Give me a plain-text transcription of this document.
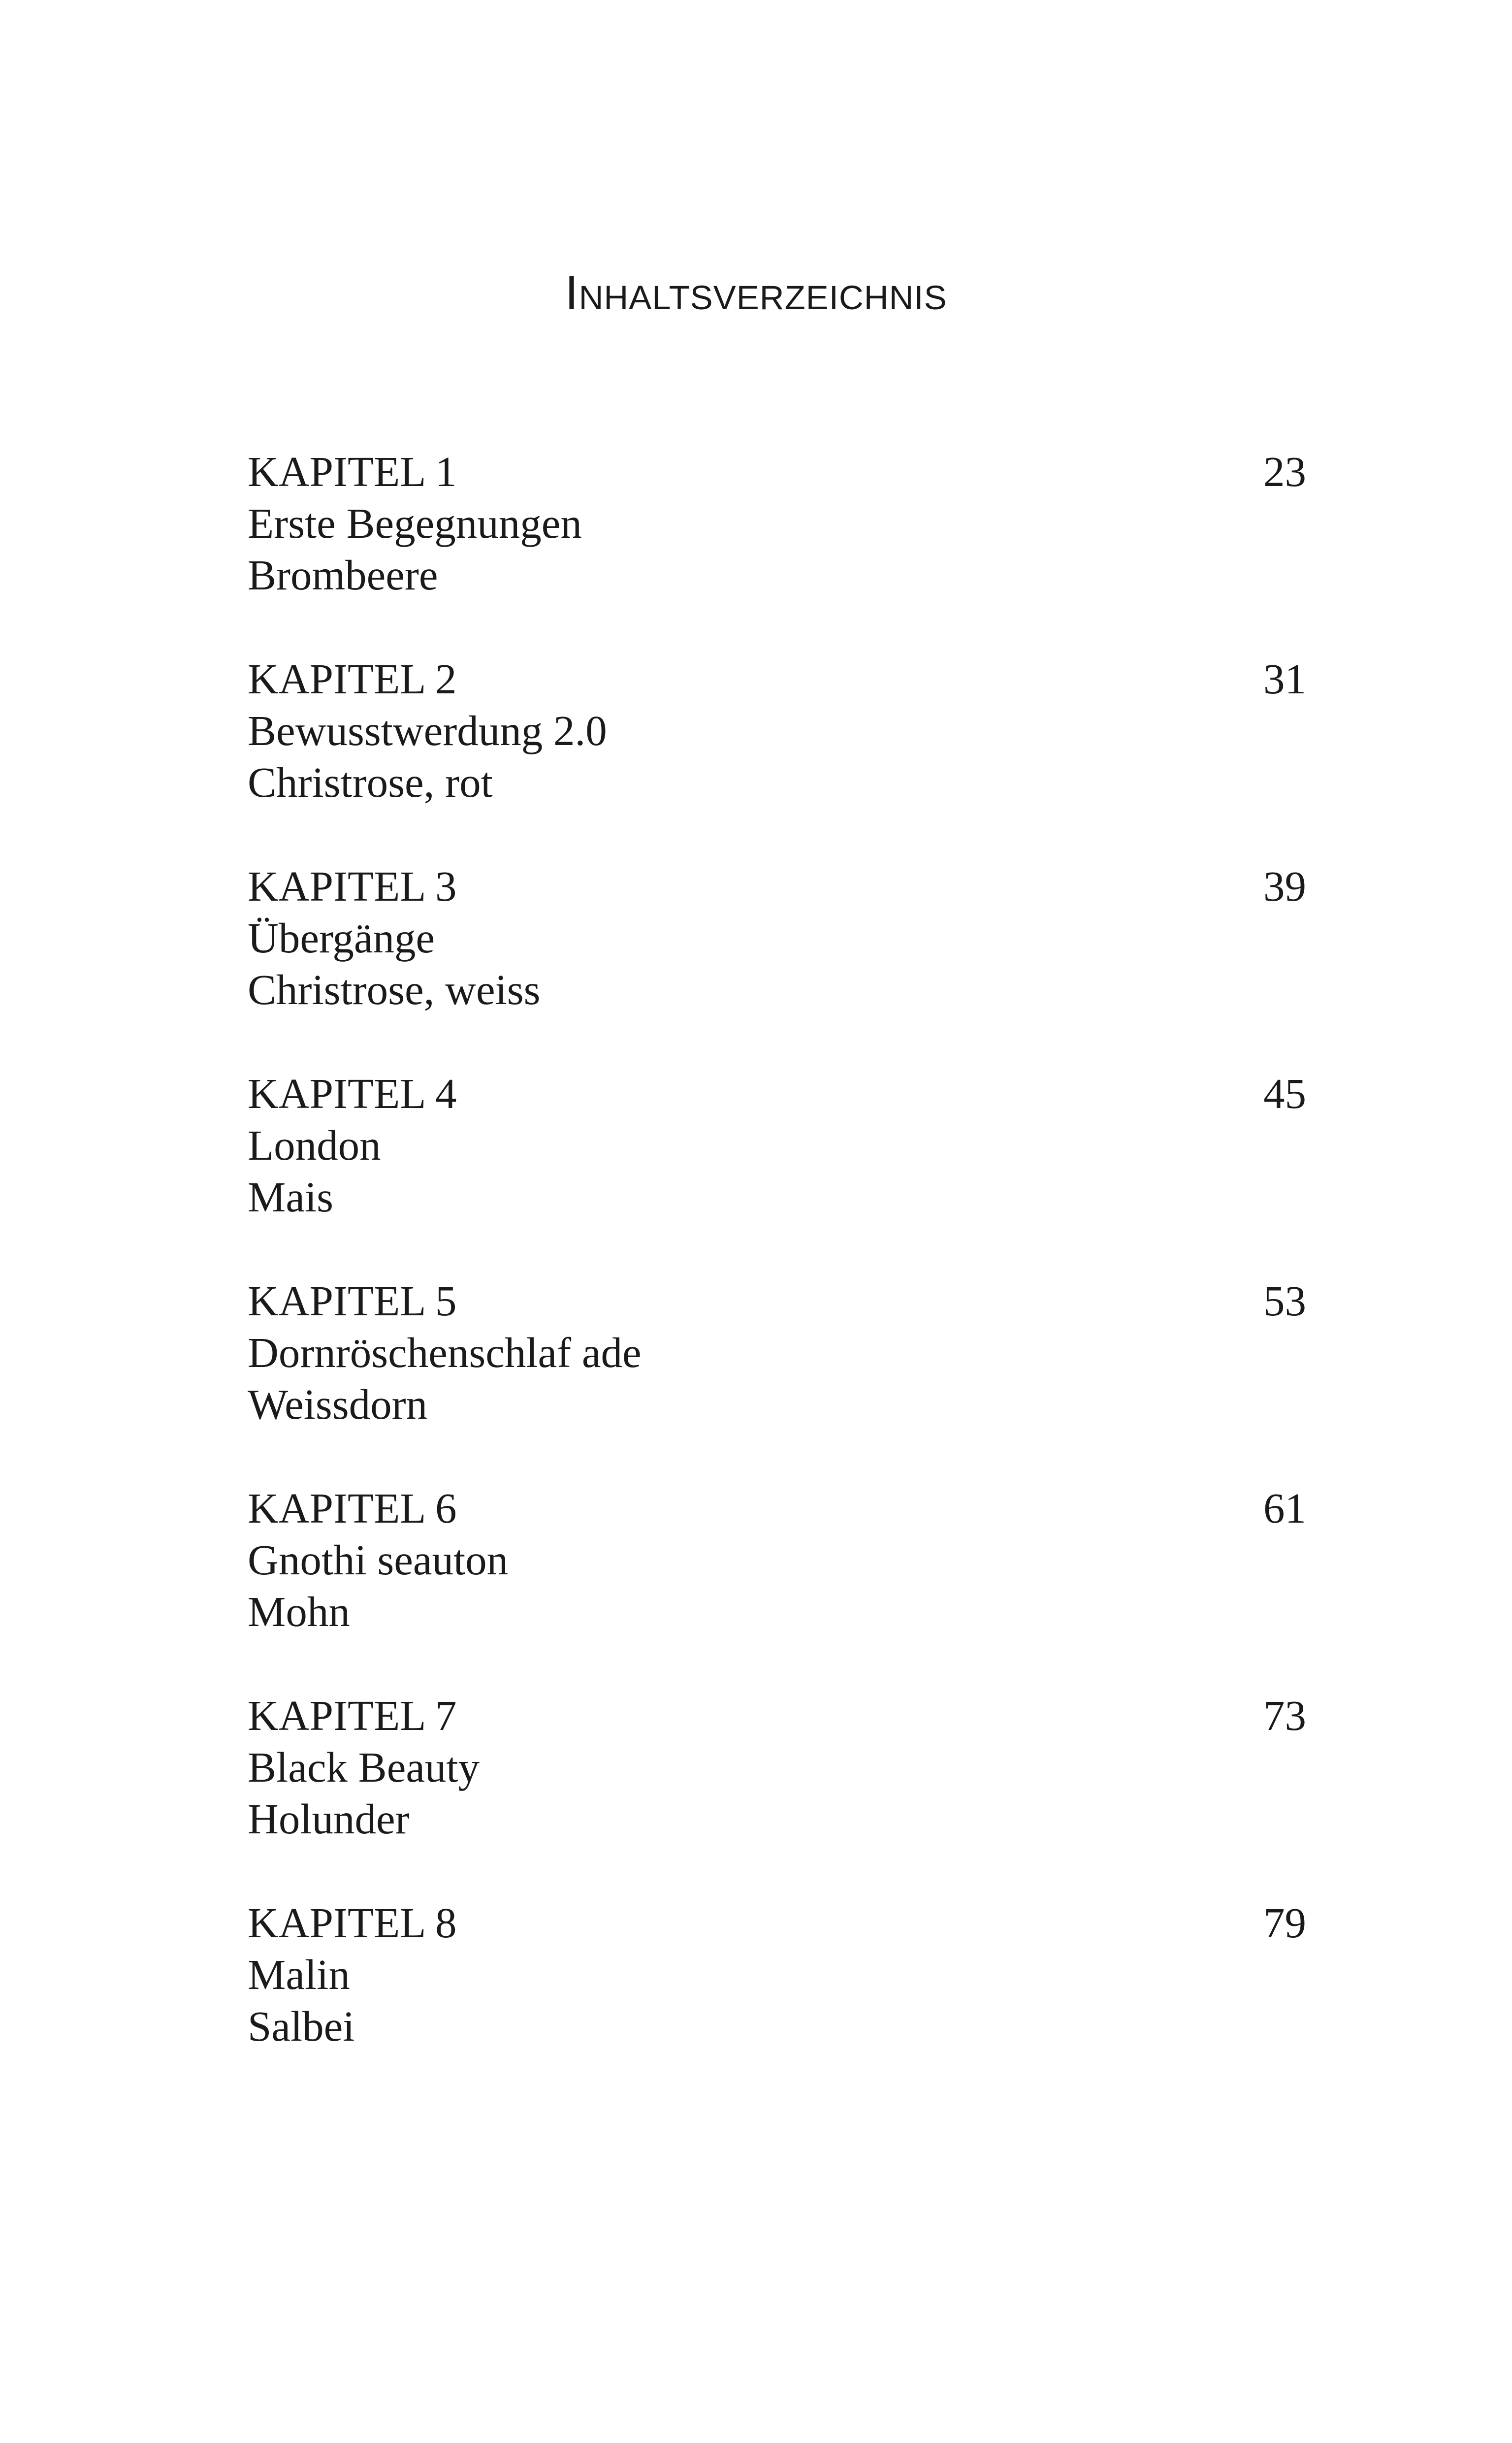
Inhaltsverzeichnis
KAPITEL 1	23
Erste Begegnungen
Brombeere
KAPITEL 2	31
Bewusstwerdung 2.0
Christrose, rot
KAPITEL 3	39
Übergänge
Christrose, weiss
KAPITEL 4	45
London
Mais
KAPITEL 5	53
Dornröschenschlaf ade
Weissdorn
KAPITEL 6	61
Gnothi seauton
Mohn
KAPITEL 7	73
Black Beauty
Holunder
KAPITEL 8	79
Malin
Salbei
